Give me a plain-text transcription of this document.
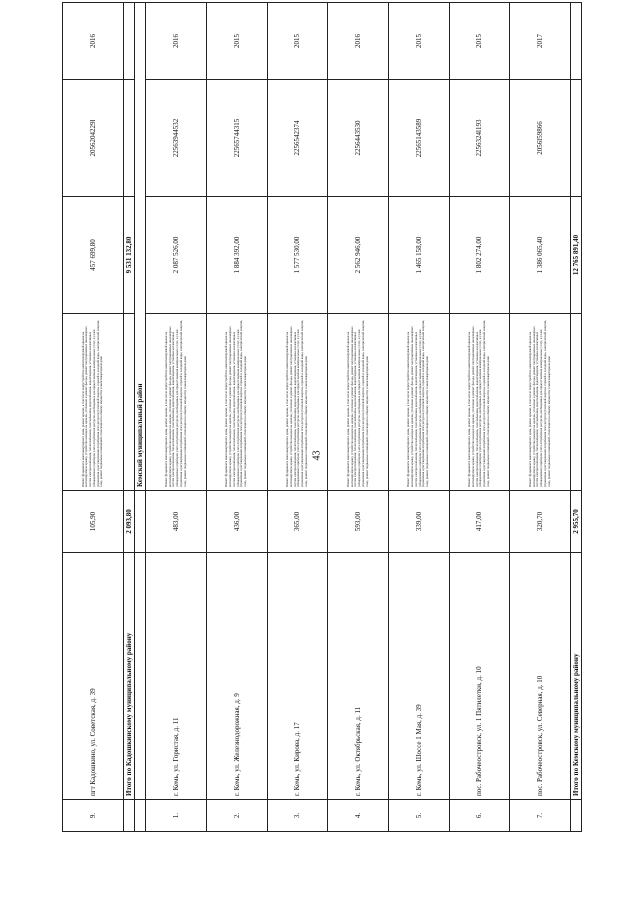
43
9.	пгт Кадошкино, ул. Советская, д. 39	105,90	Ремонт фундамента многоквартирного дома, ремонт крыши, в том числе переустройство невентилируемой крыши на вентилируемую крышу, устройство выходов на кровлю, утепление и ремонт фасада, ремонт внутридомовых инженерных систем электроснабжения, теплоснабжения, газоснабжения, водоснабжения, водоотведения, установка коллективных (общедомовых) приборов учета потребления ресурсов, необходимых для предоставления коммунальных услуг, и узлов управления и регулирования потребления этих ресурсов (тепловой энергии, горячей и холодной воды, электрической энергии, газа), ремонт подвальных помещений, относящихся к общему имуществу в многоквартирном доме	457 699,80	2056204229l	2016
	Итого по Кадошкинскому муниципальному району	2 093,80		9 531 132,80		
			Кемский муниципальный район			
1.	г. Кемь, ул. Гористая, д. 11	483,00	Ремонт фундамента многоквартирного дома, ремонт крыши, в том числе переустройство невентилируемой крыши на вентилируемую крышу, устройство выходов на кровлю, утепление и ремонт фасада, ремонт внутридомовых инженерных систем электроснабжения, теплоснабжения, газоснабжения, водоснабжения, водоотведения, установка коллективных (общедомовых) приборов учета потребления ресурсов, необходимых для предоставления коммунальных услуг, и узлов управления и регулирования потребления этих ресурсов (тепловой энергии, горячей и холодной воды, электрической энергии, газа), ремонт подвальных помещений, относящихся к общему имуществу в многоквартирном доме	2 087 526,00	22563944532	2016
2.	г. Кемь, ул. Железнодорожная, д. 9	436,00	Ремонт фундамента многоквартирного дома, ремонт крыши, в том числе переустройство невентилируемой крыши на вентилируемую крышу, устройство выходов на кровлю, утепление и ремонт фасада, ремонт внутридомовых инженерных систем электроснабжения, теплоснабжения, газоснабжения, водоснабжения, водоотведения, установка коллективных (общедомовых) приборов учета потребления ресурсов, необходимых для предоставления коммунальных услуг, и узлов управления и регулирования потребления этих ресурсов (тепловой энергии, горячей и холодной воды, электрической энергии, газа), ремонт подвальных помещений, относящихся к общему имуществу в многоквартирном доме	1 884 392,00	22565744315	2015
3.	г. Кемь, ул. Кирова, д. 17	365,00	Ремонт фундамента многоквартирного дома, ремонт крыши, в том числе переустройство невентилируемой крыши на вентилируемую крышу, устройство выходов на кровлю, утепление и ремонт фасада, ремонт внутридомовых инженерных систем электроснабжения, теплоснабжения, газоснабжения, водоснабжения, водоотведения, установка коллективных (общедомовых) приборов учета потребления ресурсов, необходимых для предоставления коммунальных услуг, и узлов управления и регулирования потребления этих ресурсов (тепловой энергии, горячей и холодной воды, электрической энергии, газа), ремонт подвальных помещений, относящихся к общему имуществу в многоквартирном доме	1 577 530,00	2256542374	2015
4.	г. Кемь, ул. Октябрьская, д. 11	593,00	Ремонт фундамента многоквартирного дома, ремонт крыши, в том числе переустройство невентилируемой крыши на вентилируемую крышу, устройство выходов на кровлю, утепление и ремонт фасада, ремонт внутридомовых инженерных систем электроснабжения, теплоснабжения, газоснабжения, водоснабжения, водоотведения, установка коллективных (общедомовых) приборов учета потребления ресурсов, необходимых для предоставления коммунальных услуг, и узлов управления и регулирования потребления этих ресурсов (тепловой энергии, горячей и холодной воды, электрической энергии, газа), ремонт подвальных помещений, относящихся к общему имуществу в многоквартирном доме	2 562 946,00	2256443530	2016
5.	г. Кемь, ул. Шоссе 1 Мая, д. 39	339,00	Ремонт фундамента многоквартирного дома, ремонт крыши, в том числе переустройство невентилируемой крыши на вентилируемую крышу, устройство выходов на кровлю, утепление и ремонт фасада, ремонт внутридомовых инженерных систем электроснабжения, теплоснабжения, газоснабжения, водоснабжения, водоотведения, установка коллективных (общедомовых) приборов учета потребления ресурсов, необходимых для предоставления коммунальных услуг, и узлов управления и регулирования потребления этих ресурсов (тепловой энергии, горячей и холодной воды, электрической энергии, газа), ремонт подвальных помещений, относящихся к общему имуществу в многоквартирном доме	1 465 158,00	22565143589	2015
6.	пос. Рабочеостровск, ул. 1 Пятилетки, д. 10	417,00	Ремонт фундамента многоквартирного дома, ремонт крыши, в том числе переустройство невентилируемой крыши на вентилируемую крышу, устройство выходов на кровлю, утепление и ремонт фасада, ремонт внутридомовых инженерных систем электроснабжения, теплоснабжения, газоснабжения, водоснабжения, водоотведения, установка коллективных (общедомовых) приборов учета потребления ресурсов, необходимых для предоставления коммунальных услуг, и узлов управления и регулирования потребления этих ресурсов (тепловой энергии, горячей и холодной воды, электрической энергии, газа), ремонт подвальных помещений, относящихся к общему имуществу в многоквартирном доме	1 802 274,00	2256324l193	2015
7.	пос. Рабочеостровск, ул. Северная, д. 10	320,70	Ремонт фундамента многоквартирного дома, ремонт крыши, в том числе переустройство невентилируемой крыши на вентилируемую крышу, устройство выходов на кровлю, утепление и ремонт фасада, ремонт внутридомовых инженерных систем электроснабжения, теплоснабжения, газоснабжения, водоснабжения, водоотведения, установка коллективных (общедомовых) приборов учета потребления ресурсов, необходимых для предоставления коммунальных услуг, и узлов управления и регулирования потребления этих ресурсов (тепловой энергии, горячей и холодной воды, электрической энергии, газа), ремонт подвальных помещений, относящихся к общему имуществу в многоквартирном доме	1 386 065,40	2056l59866	2017
	Итого по Кемскому муниципальному району	2 955,70		12 765 891,40		
